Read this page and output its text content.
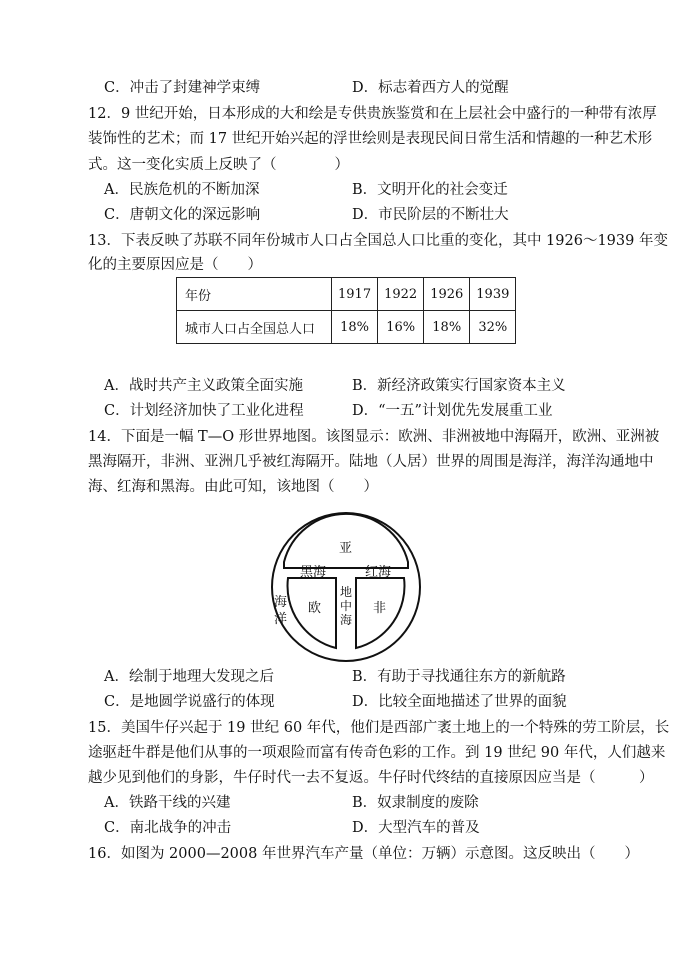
C．冲击了封建神学束缚	D．标志着西方人的觉醒
12．9 世纪开始，日本形成的大和绘是专供贵族鉴赏和在上层社会中盛行的一种带有浓厚
装饰性的艺术；而 17 世纪开始兴起的浮世绘则是表现民间日常生活和情趣的一种艺术形
式。这一变化实质上反映了（　　　　）
A．民族危机的不断加深	B．文明开化的社会变迁
C．唐朝文化的深远影响	D．市民阶层的不断壮大
13．下表反映了苏联不同年份城市人口占全国总人口比重的变化，其中 1926～1939 年变
化的主要原因应是（　　）
年份	1917	1922	1926	1939
城市人口占全国总人口	18%	16%	18%	32%
A．战时共产主义政策全面实施	B．新经济政策实行国家资本主义
C．计划经济加快了工业化进程	D．“一五”计划优先发展重工业
14．下面是一幅 T—O 形世界地图。该图显示：欧洲、非洲被地中海隔开，欧洲、亚洲被
黑海隔开，非洲、亚洲几乎被红海隔开。陆地（人居）世界的周围是海洋，海洋沟通地中
海、红海和黑海。由此可知，该地图（　　）
亚
黑海	红海
海
洋
欧	非
地
中
海
A．绘制于地理大发现之后	B．有助于寻找通往东方的新航路
C．是地圆学说盛行的体现	D．比较全面地描述了世界的面貌
15．美国牛仔兴起于 19 世纪 60 年代，他们是西部广袤土地上的一个特殊的劳工阶层，长
途驱赶牛群是他们从事的一项艰险而富有传奇色彩的工作。到 19 世纪 90 年代，人们越来
越少见到他们的身影，牛仔时代一去不复返。牛仔时代终结的直接原因应当是（　　　）
A．铁路干线的兴建	B．奴隶制度的废除
C．南北战争的冲击	D．大型汽车的普及
16．如图为 2000—2008 年世界汽车产量（单位：万辆）示意图。这反映出（　　）
